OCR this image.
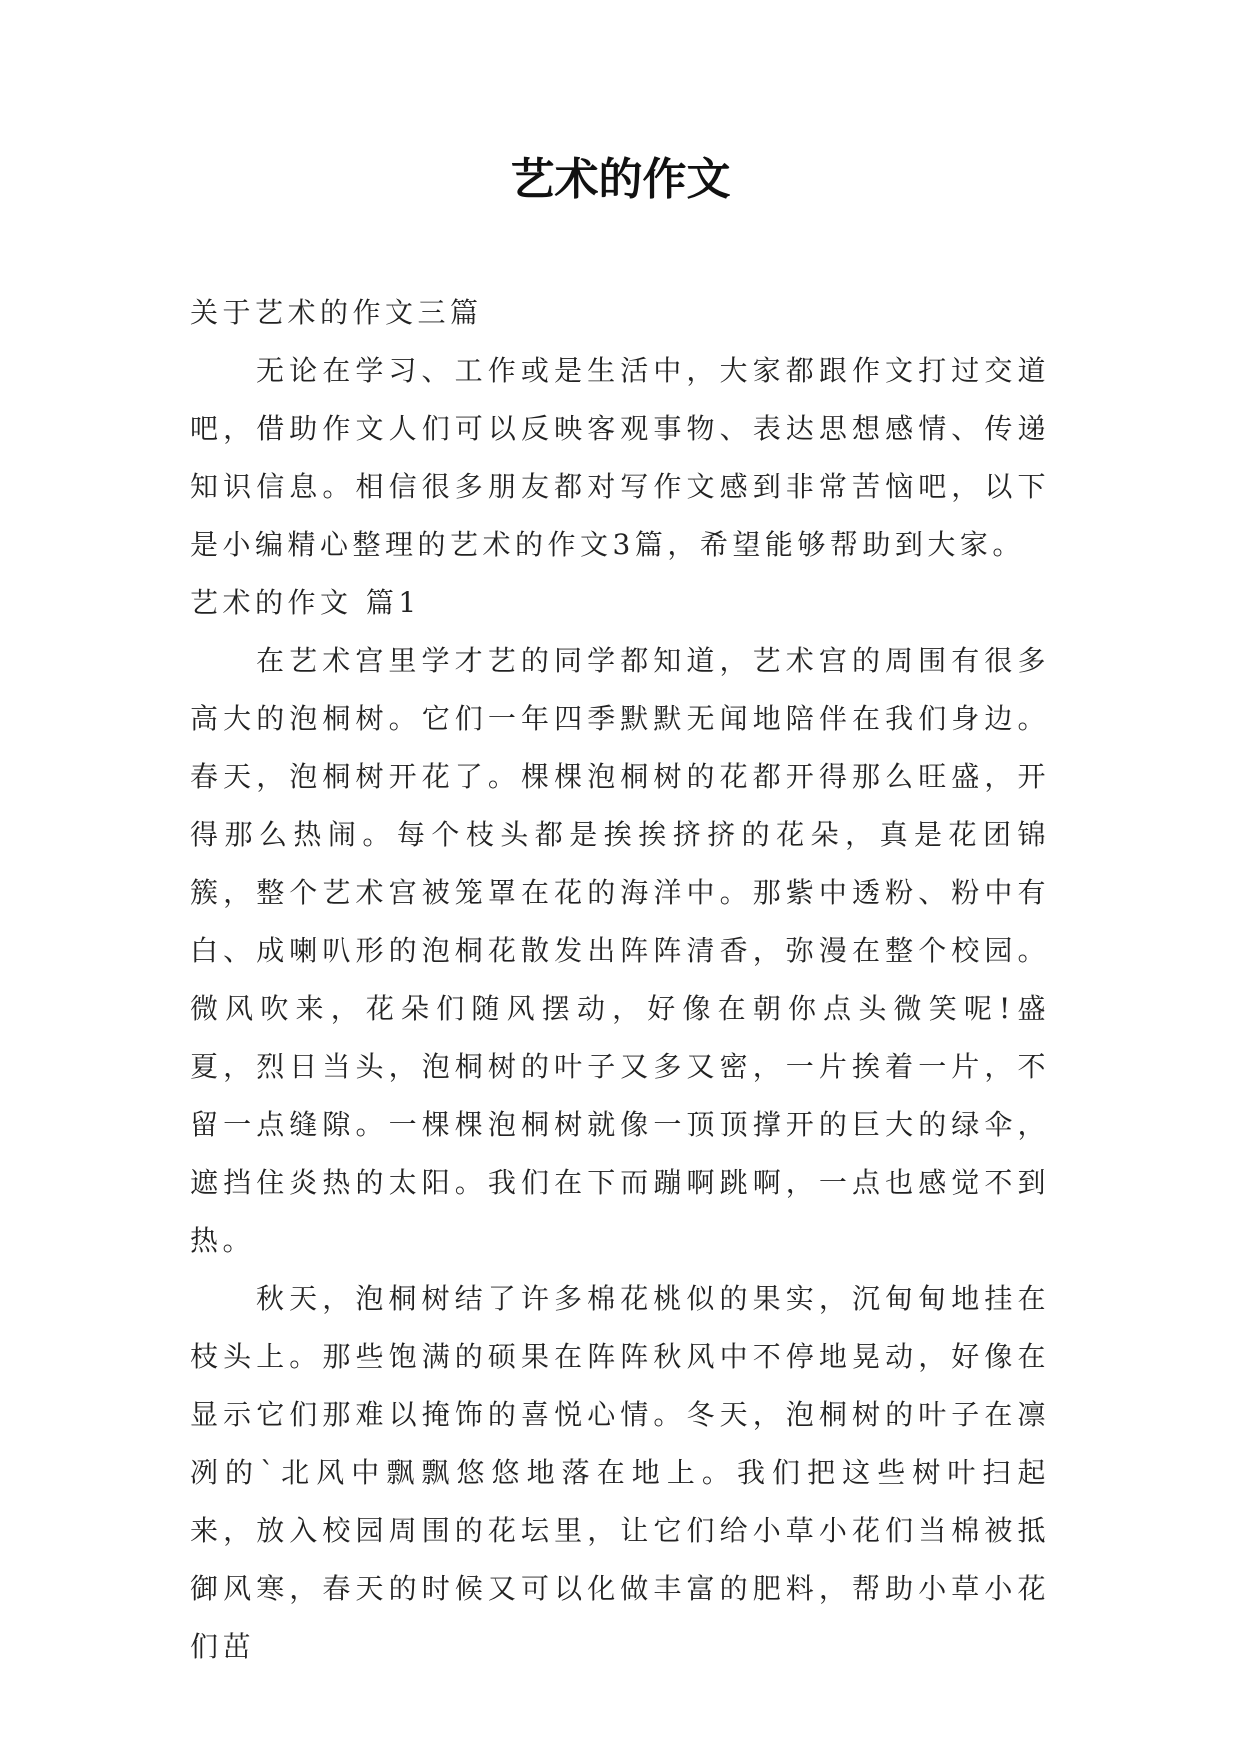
艺术的作文

关于艺术的作文三篇

无论在学习、工作或是生活中，大家都跟作文打过交道吧，借助作文人们可以反映客观事物、表达思想感情、传递知识信息。相信很多朋友都对写作文感到非常苦恼吧，以下是小编精心整理的艺术的作文3篇，希望能够帮助到大家。

艺术的作文 篇1

在艺术宫里学才艺的同学都知道，艺术宫的周围有很多高大的泡桐树。它们一年四季默默无闻地陪伴在我们身边。春天，泡桐树开花了。棵棵泡桐树的花都开得那么旺盛，开得那么热闹。每个枝头都是挨挨挤挤的花朵，真是花团锦簇，整个艺术宫被笼罩在花的海洋中。那紫中透粉、粉中有白、成喇叭形的泡桐花散发出阵阵清香，弥漫在整个校园。微风吹来，花朵们随风摆动，好像在朝你点头微笑呢!盛夏，烈日当头，泡桐树的叶子又多又密，一片挨着一片，不留一点缝隙。一棵棵泡桐树就像一顶顶撑开的巨大的绿伞，遮挡住炎热的太阳。我们在下而蹦啊跳啊，一点也感觉不到热。

秋天，泡桐树结了许多棉花桃似的果实，沉甸甸地挂在枝头上。那些饱满的硕果在阵阵秋风中不停地晃动，好像在显示它们那难以掩饰的喜悦心情。冬天，泡桐树的叶子在凛冽的`北风中飘飘悠悠地落在地上。我们把这些树叶扫起来，放入校园周围的花坛里，让它们给小草小花们当棉被抵御风寒，春天的时候又可以化做丰富的肥料，帮助小草小花们茁
